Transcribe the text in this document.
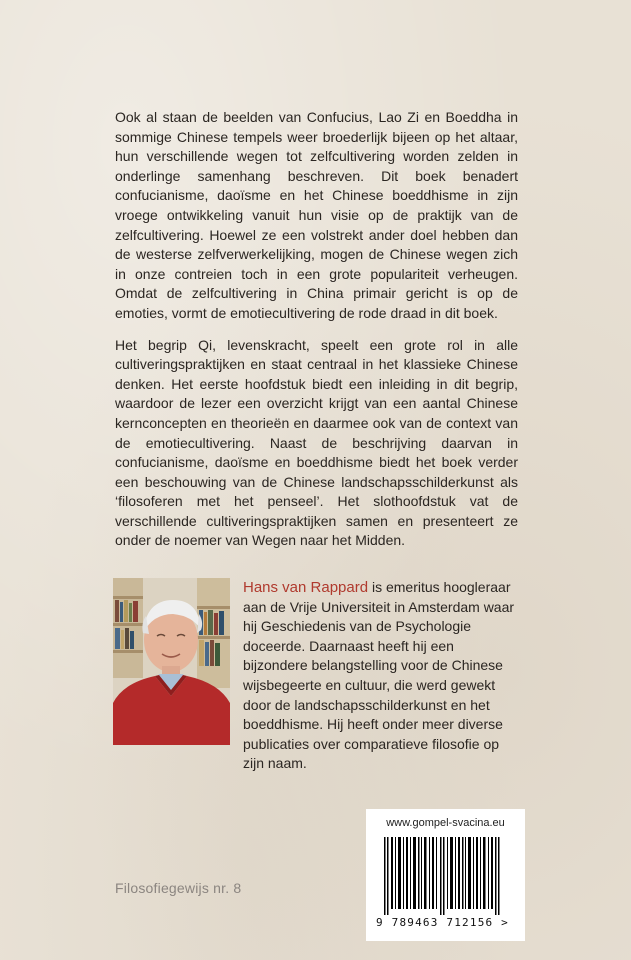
Ook al staan de beelden van Confucius, Lao Zi en Boeddha in sommige Chinese tempels weer broederlijk bijeen op het altaar, hun verschillende wegen tot zelfcultivering worden zelden in onderlinge samenhang beschreven. Dit boek benadert confucianisme, daoïsme en het Chinese boeddhisme in zijn vroege ontwikkeling vanuit hun visie op de praktijk van de zelfcultivering. Hoewel ze een volstrekt ander doel hebben dan de westerse zelfverwerkelijking, mogen de Chinese wegen zich in onze contreien toch in een grote populariteit verheugen. Omdat de zelfcultivering in China primair gericht is op de emoties, vormt de emotiecultivering de rode draad in dit boek.

Het begrip Qi, levenskracht, speelt een grote rol in alle cultiveringspraktijken en staat centraal in het klassieke Chinese denken. Het eerste hoofdstuk biedt een inleiding in dit begrip, waardoor de lezer een overzicht krijgt van een aantal Chinese kernconcepten en theorieën en daarmee ook van de context van de emotiecultivering. Naast de beschrijving daarvan in confucianisme, daoïsme en boeddhisme biedt het boek verder een beschouwing van de Chinese landschapsschilderkunst als ‘filosoferen met het penseel’. Het slothoofdstuk vat de verschillende cultiveringspraktijken samen en presenteert ze onder de noemer van Wegen naar het Midden.

Hans van Rappard is emeritus hoogleraar aan de Vrije Universiteit in Amsterdam waar hij Geschiedenis van de Psychologie doceerde. Daarnaast heeft hij een bijzondere belangstelling voor de Chinese wijsbegeerte en cultuur, die werd gewekt door de landschapsschilderkunst en het boeddhisme. Hij heeft onder meer diverse publicaties over comparatieve filosofie op zijn naam.
Filosofiegewijs nr. 8
www.gompel-svacina.eu
9 789463 712156 >
